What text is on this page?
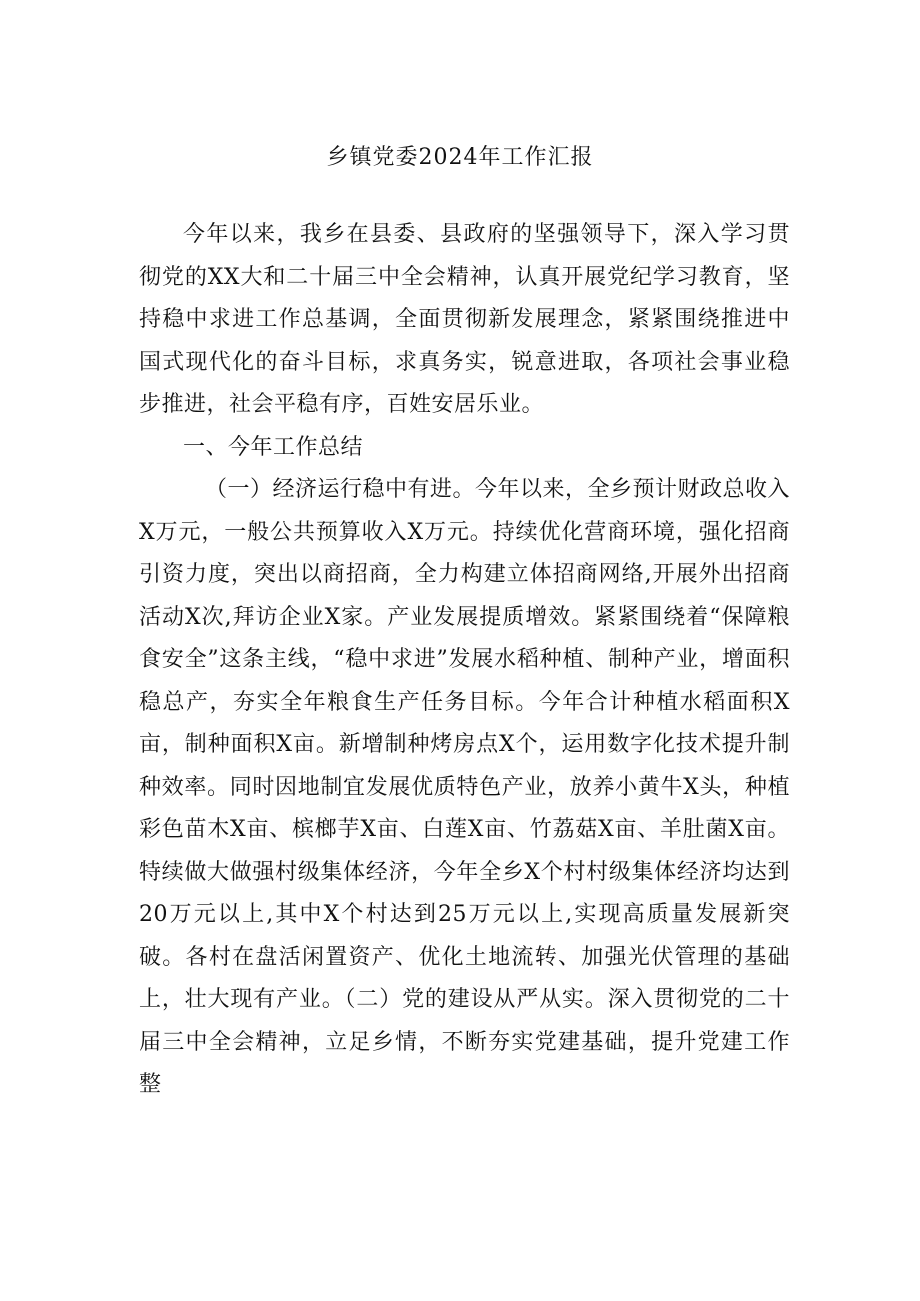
乡镇党委2024年工作汇报

今年以来，我乡在县委、县政府的坚强领导下，深入学习贯彻党的XX大和二十届三中全会精神，认真开展党纪学习教育，坚持稳中求进工作总基调，全面贯彻新发展理念，紧紧围绕推进中国式现代化的奋斗目标，求真务实，锐意进取，各项社会事业稳步推进，社会平稳有序，百姓安居乐业。

一、今年工作总结

（一）经济运行稳中有进。今年以来，全乡预计财政总收入X万元，一般公共预算收入X万元。持续优化营商环境，强化招商引资力度，突出以商招商，全力构建立体招商网络,开展外出招商活动X次,拜访企业X家。产业发展提质增效。紧紧围绕着“保障粮食安全”这条主线，“稳中求进”发展水稻种植、制种产业，增面积稳总产，夯实全年粮食生产任务目标。今年合计种植水稻面积X亩，制种面积X亩。新增制种烤房点X个，运用数字化技术提升制种效率。同时因地制宜发展优质特色产业，放养小黄牛X头，种植彩色苗木X亩、槟榔芋X亩、白莲X亩、竹荔菇X亩、羊肚菌X亩。特续做大做强村级集体经济，今年全乡X个村村级集体经济均达到20万元以上,其中X个村达到25万元以上,实现高质量发展新突破。各村在盘活闲置资产、优化土地流转、加强光伏管理的基础上，壮大现有产业。（二）党的建设从严从实。深入贯彻党的二十届三中全会精神，立足乡情，不断夯实党建基础，提升党建工作整
